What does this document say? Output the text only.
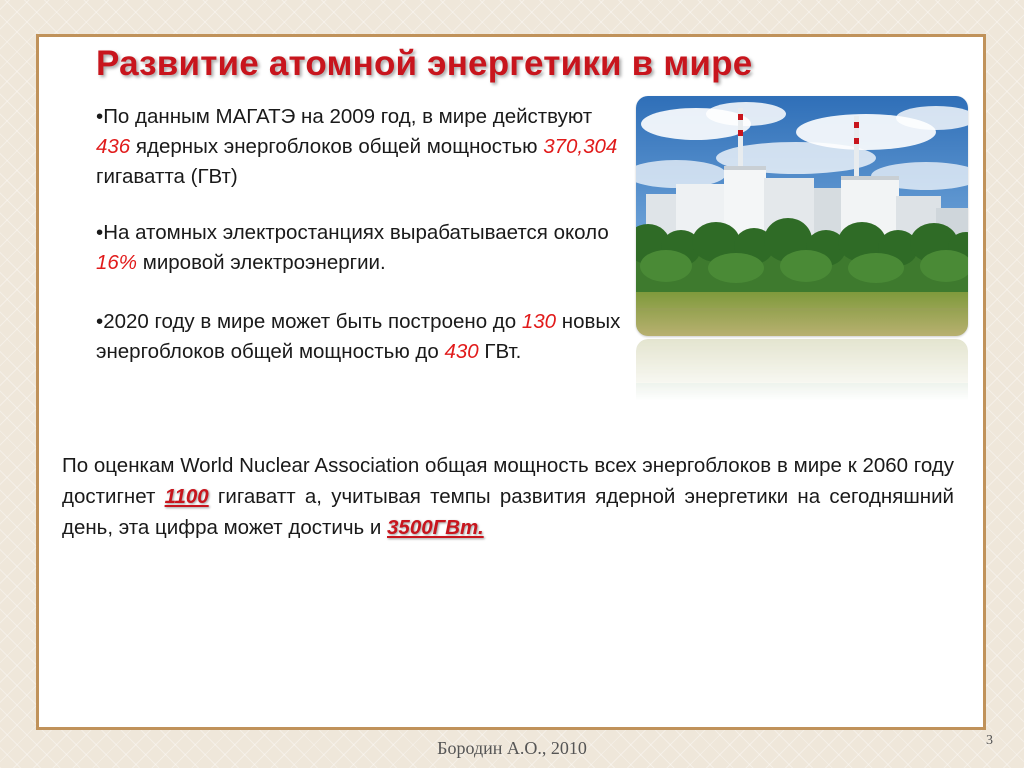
Развитие атомной энергетики в мире
•По данным МАГАТЭ на 2009 год, в мире действуют 436 ядерных энергоблоков общей мощностью 370,304 гигаватта (ГВт)
•На атомных электростанциях вырабатывается около 16% мировой электроэнергии.
•2020 году в мире может быть построено до 130 новых энергоблоков общей мощностью до 430 ГВт.

По оценкам World Nuclear Association общая мощность всех энергоблоков в мире к 2060 году достигнет 1100 гигаватт а, учитывая темпы развития ядерной энергетики на сегодняшний день, эта цифра может достичь и 3500ГВт.

Бородин А.О., 2010	3
